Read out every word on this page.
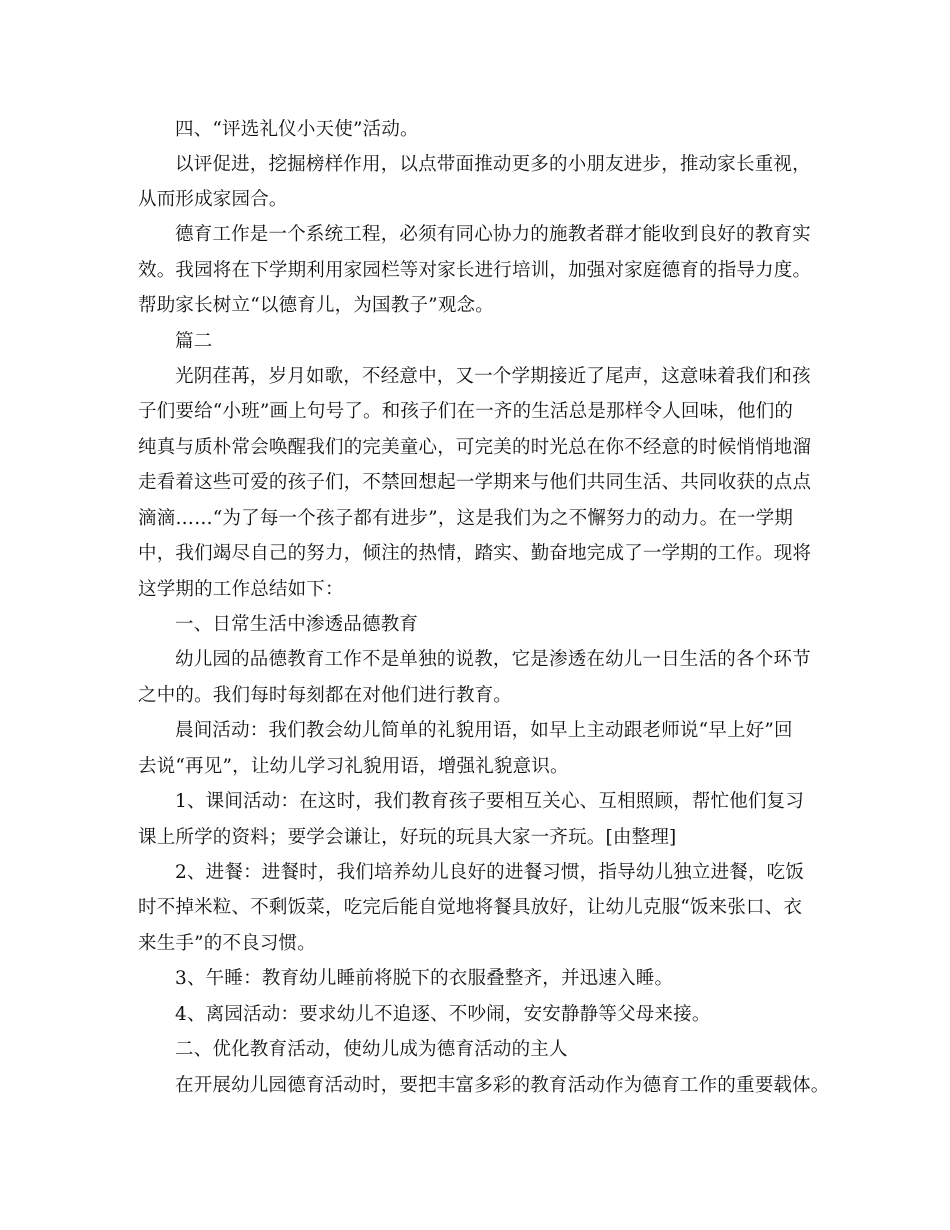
四、“评选礼仪小天使”活动。
以评促进，挖掘榜样作用，以点带面推动更多的小朋友进步，推动家长重视，
从而形成家园合。
德育工作是一个系统工程，必须有同心协力的施教者群才能收到良好的教育实
效。我园将在下学期利用家园栏等对家长进行培训，加强对家庭德育的指导力度。
帮助家长树立“以德育儿，为国教子”观念。
篇二
光阴荏苒，岁月如歌，不经意中，又一个学期接近了尾声，这意味着我们和孩
子们要给“小班”画上句号了。和孩子们在一齐的生活总是那样令人回味，他们的
纯真与质朴常会唤醒我们的完美童心，可完美的时光总在你不经意的时候悄悄地溜
走看着这些可爱的孩子们，不禁回想起一学期来与他们共同生活、共同收获的点点
滴滴……“为了每一个孩子都有进步”，这是我们为之不懈努力的动力。在一学期
中，我们竭尽自己的努力，倾注的热情，踏实、勤奋地完成了一学期的工作。现将
这学期的工作总结如下：
一、日常生活中渗透品德教育
幼儿园的品德教育工作不是单独的说教，它是渗透在幼儿一日生活的各个环节
之中的。我们每时每刻都在对他们进行教育。
晨间活动：我们教会幼儿简单的礼貌用语，如早上主动跟老师说“早上好”回
去说“再见”，让幼儿学习礼貌用语，增强礼貌意识。
1、课间活动：在这时，我们教育孩子要相互关心、互相照顾，帮忙他们复习
课上所学的资料；要学会谦让，好玩的玩具大家一齐玩。[由整理]
2、进餐：进餐时，我们培养幼儿良好的进餐习惯，指导幼儿独立进餐，吃饭
时不掉米粒、不剩饭菜，吃完后能自觉地将餐具放好，让幼儿克服“饭来张口、衣
来生手”的不良习惯。
3、午睡：教育幼儿睡前将脱下的衣服叠整齐，并迅速入睡。
4、离园活动：要求幼儿不追逐、不吵闹，安安静静等父母来接。
二、优化教育活动，使幼儿成为德育活动的主人
在开展幼儿园德育活动时，要把丰富多彩的教育活动作为德育工作的重要载体。
